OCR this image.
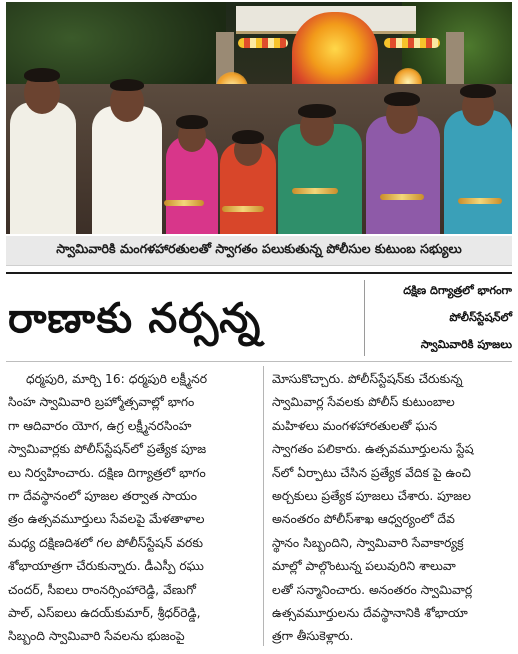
స్వామివారికి మంగళహారతులతో స్వాగతం పలుకుతున్న పోలీసుల కుటుంబ సభ్యులు
రాణాకు నర్సన్న
దక్షిణ దిగ్యాత్రలో భాగంగా
పోలీస్‌స్టేషన్‌లో
స్వామివారికి పూజలు
ధర్మపురి, మార్చి 16: ధర్మపురి లక్ష్మీనర
సింహ స్వామివారి బ్రహ్మోత్సవాల్లో భాగం
గా ఆదివారం యోగ, ఉగ్ర లక్ష్మీనరసింహ
స్వామివార్లకు పోలీస్‌స్టేషన్‌లో ప్రత్యేక పూజ
లు నిర్వహించారు. దక్షిణ దిగ్యాత్రలో భాగం
గా దేవస్థానంలో పూజల తర్వాత సాయం
త్రం ఉత్సవమూర్తులు సేవలపై మేళతాళాల
మధ్య దక్షిణదిశలో గల పోలీస్‌స్టేషన్ వరకు
శోభాయాత్రగా చేరుకున్నారు. డీఎస్పీ రఘు
చందర్, సీఐలు రాంనర్సింహారెడ్డి, వేణుగో
పాల్, ఎస్‌ఐలు ఉదయ్‌కుమార్, శ్రీధర్‌రెడ్డి,
సిబ్బంది స్వామివారి సేవలను భుజంపై
మోసుకొచ్చారు. పోలీస్‌స్టేషన్‌కు చేరుకున్న
స్వామివార్ల సేవలకు పోలీస్ కుటుంబాల
మహిళలు మంగళహారతులతో ఘన
స్వాగతం పలికారు. ఉత్సవమూర్తులను స్టేష
న్‌లో ఏర్పాటు చేసిన ప్రత్యేక వేదిక పై ఉంచి
అర్చకులు ప్రత్యేక పూజలు చేశారు. పూజల
అనంతరం పోలీస్‌శాఖ ఆధ్వర్యంలో దేవ
స్థానం సిబ్బందిని, స్వామివారి సేవాకార్యక్ర
మాల్లో పాల్గొంటున్న పలువురిని శాలువా
లతో సన్మానించారు. అనంతరం స్వామివార్ల
ఉత్సవమూర్తులను దేవస్థానానికి శోభాయా
త్రగా తీసుకెళ్లారు.
